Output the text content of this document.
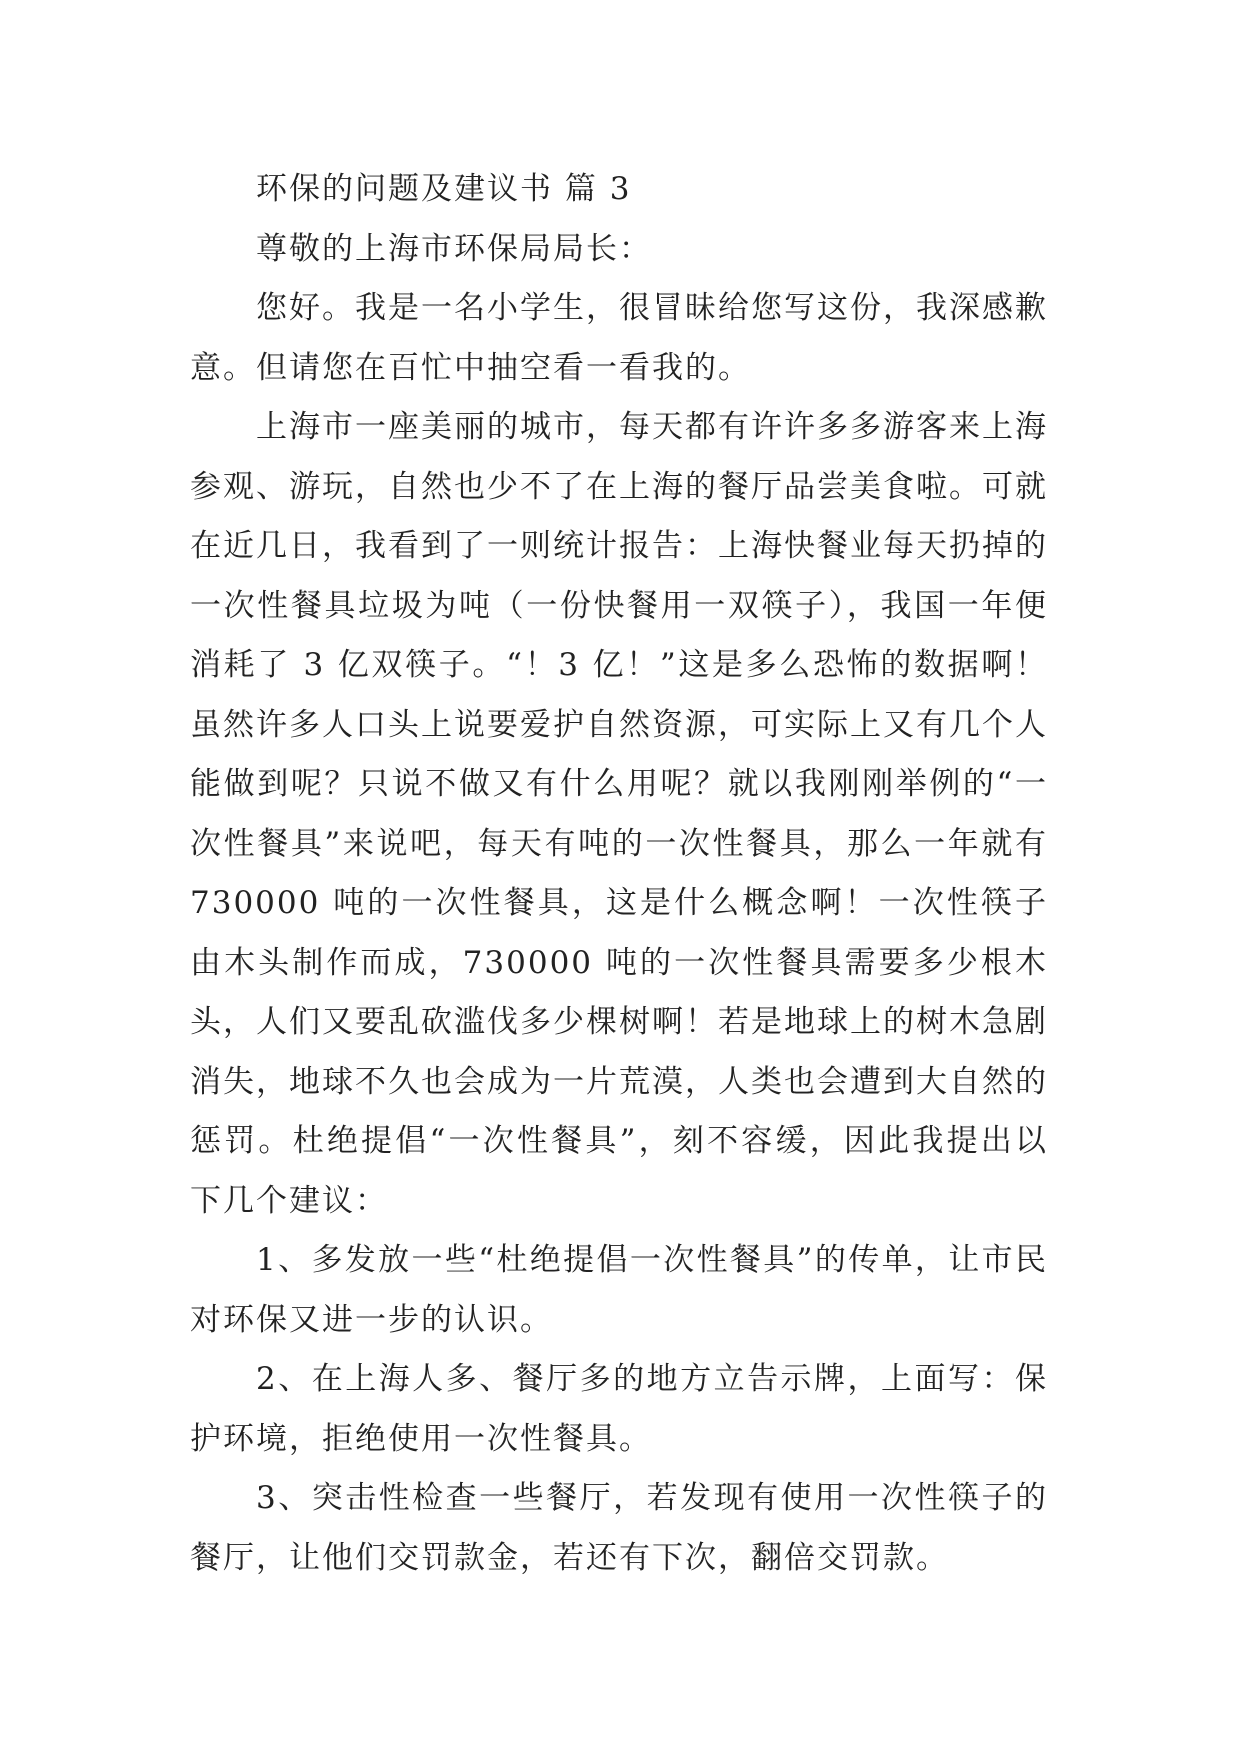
环保的问题及建议书 篇 3

尊敬的上海市环保局局长：

您好。我是一名小学生，很冒昧给您写这份，我深感歉意。但请您在百忙中抽空看一看我的。

上海市一座美丽的城市，每天都有许许多多游客来上海参观、游玩，自然也少不了在上海的餐厅品尝美食啦。可就在近几日，我看到了一则统计报告：上海快餐业每天扔掉的一次性餐具垃圾为吨（一份快餐用一双筷子），我国一年便消耗了 3 亿双筷子。“！3 亿！”这是多么恐怖的数据啊！虽然许多人口头上说要爱护自然资源，可实际上又有几个人能做到呢？只说不做又有什么用呢？就以我刚刚举例的“一次性餐具”来说吧，每天有吨的一次性餐具，那么一年就有 730000 吨的一次性餐具，这是什么概念啊！一次性筷子由木头制作而成，730000 吨的一次性餐具需要多少根木头，人们又要乱砍滥伐多少棵树啊！若是地球上的树木急剧消失，地球不久也会成为一片荒漠，人类也会遭到大自然的惩罚。杜绝提倡“一次性餐具”，刻不容缓，因此我提出以下几个建议：

1、多发放一些“杜绝提倡一次性餐具”的传单，让市民对环保又进一步的认识。

2、在上海人多、餐厅多的地方立告示牌，上面写：保护环境，拒绝使用一次性餐具。

3、突击性检查一些餐厅，若发现有使用一次性筷子的餐厅，让他们交罚款金，若还有下次，翻倍交罚款。
